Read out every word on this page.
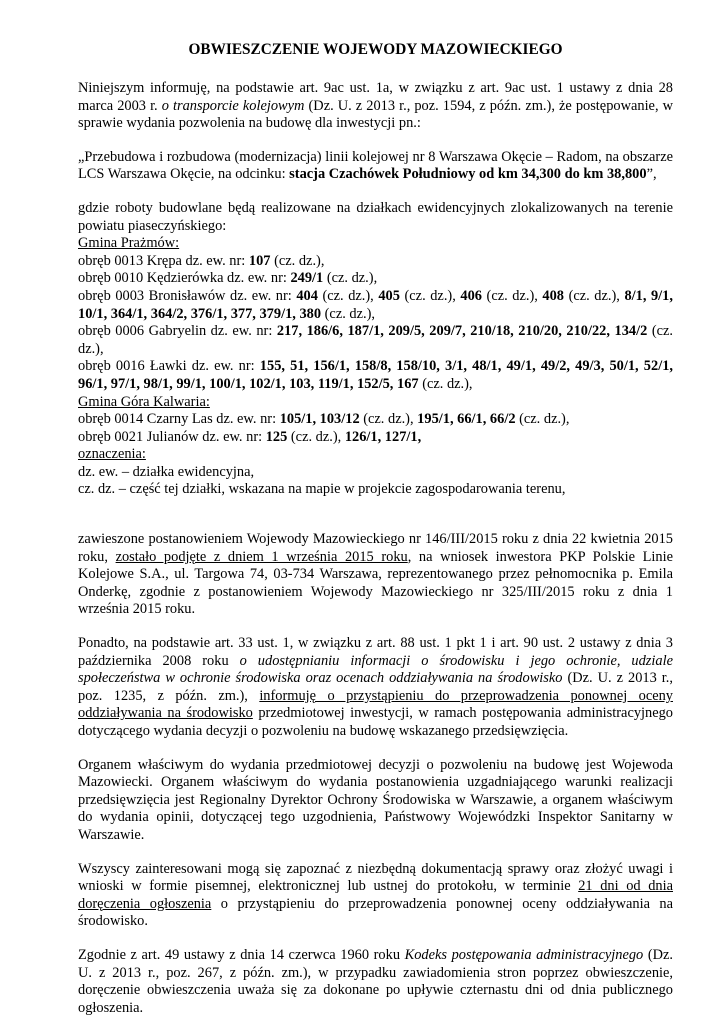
OBWIESZCZENIE WOJEWODY MAZOWIECKIEGO

Niniejszym informuję, na podstawie art. 9ac ust. 1a, w związku z art. 9ac ust. 1 ustawy z dnia 28 marca 2003 r. o transporcie kolejowym (Dz. U. z 2013 r., poz. 1594, z późn. zm.), że postępowanie, w sprawie wydania pozwolenia na budowę dla inwestycji pn.:

„Przebudowa i rozbudowa (modernizacja) linii kolejowej nr 8 Warszawa Okęcie – Radom, na obszarze LCS Warszawa Okęcie, na odcinku: stacja Czachówek Południowy od km 34,300 do km 38,800”,

gdzie roboty budowlane będą realizowane na działkach ewidencyjnych zlokalizowanych na terenie powiatu piaseczyńskiego:
Gmina Prażmów:
obręb 0013 Krępa dz. ew. nr: 107 (cz. dz.),
obręb 0010 Kędzierówka dz. ew. nr: 249/1 (cz. dz.),
obręb 0003 Bronisławów dz. ew. nr: 404 (cz. dz.), 405 (cz. dz.), 406 (cz. dz.), 408 (cz. dz.), 8/1, 9/1, 10/1, 364/1, 364/2, 376/1, 377, 379/1, 380 (cz. dz.),
obręb 0006 Gabryelin dz. ew. nr: 217, 186/6, 187/1, 209/5, 209/7, 210/18, 210/20, 210/22, 134/2 (cz. dz.),
obręb 0016 Ławki dz. ew. nr: 155, 51, 156/1, 158/8, 158/10, 3/1, 48/1, 49/1, 49/2, 49/3, 50/1, 52/1, 96/1, 97/1, 98/1, 99/1, 100/1, 102/1, 103, 119/1, 152/5, 167 (cz. dz.),
Gmina Góra Kalwaria:
obręb 0014 Czarny Las dz. ew. nr: 105/1, 103/12 (cz. dz.), 195/1, 66/1, 66/2 (cz. dz.),
obręb 0021 Julianów dz. ew. nr: 125 (cz. dz.), 126/1, 127/1,
oznaczenia:
dz. ew. – działka ewidencyjna,
cz. dz. – część tej działki, wskazana na mapie w projekcie zagospodarowania terenu,

zawieszone postanowieniem Wojewody Mazowieckiego nr 146/III/2015 roku z dnia 22 kwietnia 2015 roku, zostało podjęte z dniem 1 września 2015 roku, na wniosek inwestora PKP Polskie Linie Kolejowe S.A., ul. Targowa 74, 03-734 Warszawa, reprezentowanego przez pełnomocnika p. Emila Onderkę, zgodnie z postanowieniem Wojewody Mazowieckiego nr 325/III/2015 roku z dnia 1 września 2015 roku.

Ponadto, na podstawie art. 33 ust. 1, w związku z art. 88 ust. 1 pkt 1 i art. 90 ust. 2 ustawy z dnia 3 października 2008 roku o udostępnianiu informacji o środowisku i jego ochronie, udziale społeczeństwa w ochronie środowiska oraz ocenach oddziaływania na środowisko (Dz. U. z 2013 r., poz. 1235, z późn. zm.), informuję o przystąpieniu do przeprowadzenia ponownej oceny oddziaływania na środowisko przedmiotowej inwestycji, w ramach postępowania administracyjnego dotyczącego wydania decyzji o pozwoleniu na budowę wskazanego przedsięwzięcia.

Organem właściwym do wydania przedmiotowej decyzji o pozwoleniu na budowę jest Wojewoda Mazowiecki. Organem właściwym do wydania postanowienia uzgadniającego warunki realizacji przedsięwzięcia jest Regionalny Dyrektor Ochrony Środowiska w Warszawie, a organem właściwym do wydania opinii, dotyczącej tego uzgodnienia, Państwowy Wojewódzki Inspektor Sanitarny w Warszawie.

Wszyscy zainteresowani mogą się zapoznać z niezbędną dokumentacją sprawy oraz złożyć uwagi i wnioski w formie pisemnej, elektronicznej lub ustnej do protokołu, w terminie 21 dni od dnia doręczenia ogłoszenia o przystąpieniu do przeprowadzenia ponownej oceny oddziaływania na środowisko.

Zgodnie z art. 49 ustawy z dnia 14 czerwca 1960 roku Kodeks postępowania administracyjnego (Dz. U. z 2013 r., poz. 267, z późn. zm.), w przypadku zawiadomienia stron poprzez obwieszczenie, doręczenie obwieszczenia uważa się za dokonane po upływie czternastu dni od dnia publicznego ogłoszenia.
